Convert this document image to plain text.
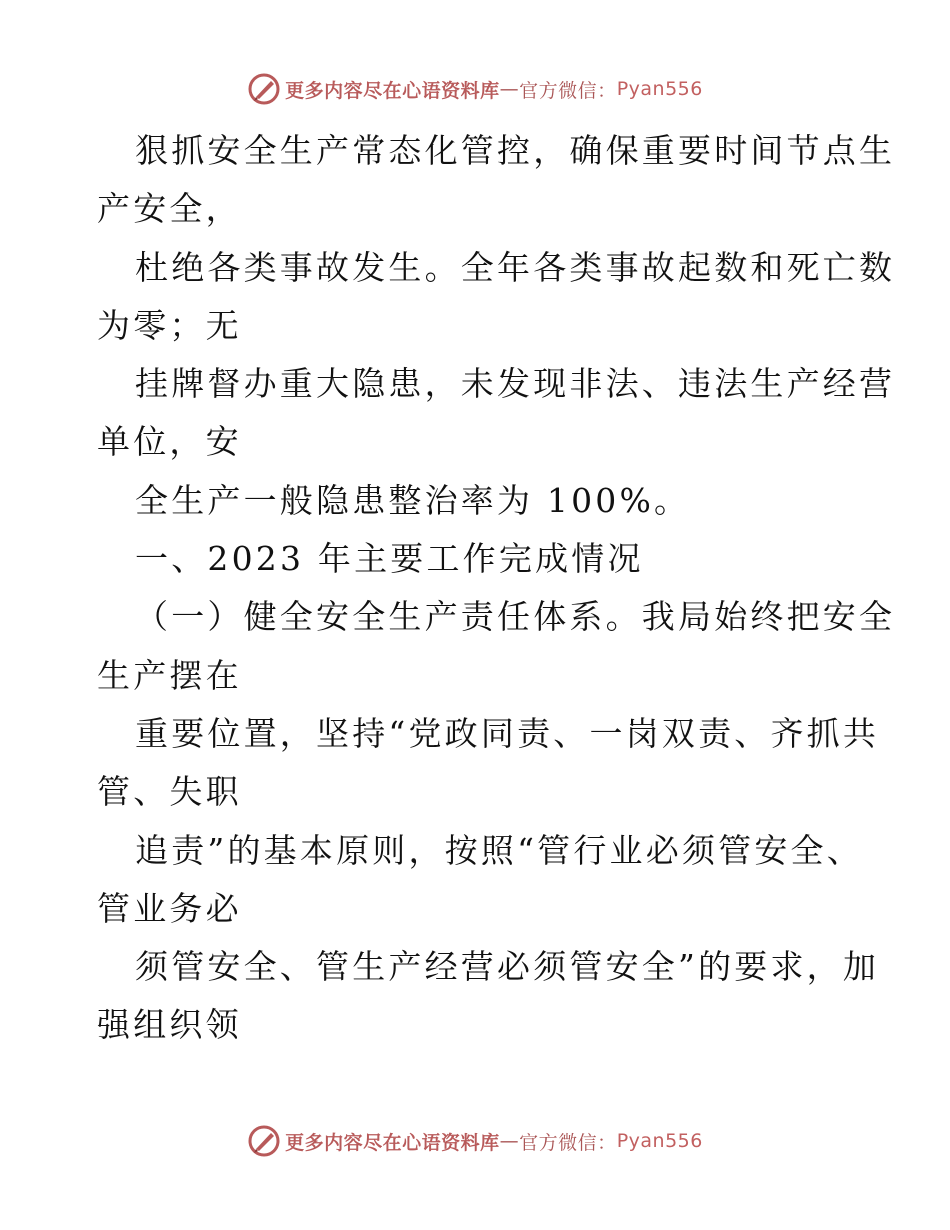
更多内容尽在心语资料库 — 官方微信： Pyan556
狠抓安全生产常态化管控，确保重要时间节点生
产安全，
杜绝各类事故发生。全年各类事故起数和死亡数
为零；无
挂牌督办重大隐患，未发现非法、违法生产经营
单位，安
全生产一般隐患整治率为 100%。
一、2023 年主要工作完成情况
（一）健全安全生产责任体系。我局始终把安全
生产摆在
重要位置，坚持“党政同责、一岗双责、齐抓共
管、失职
追责”的基本原则，按照“管行业必须管安全、
管业务必
须管安全、管生产经营必须管安全”的要求，加
强组织领
更多内容尽在心语资料库 — 官方微信： Pyan556
